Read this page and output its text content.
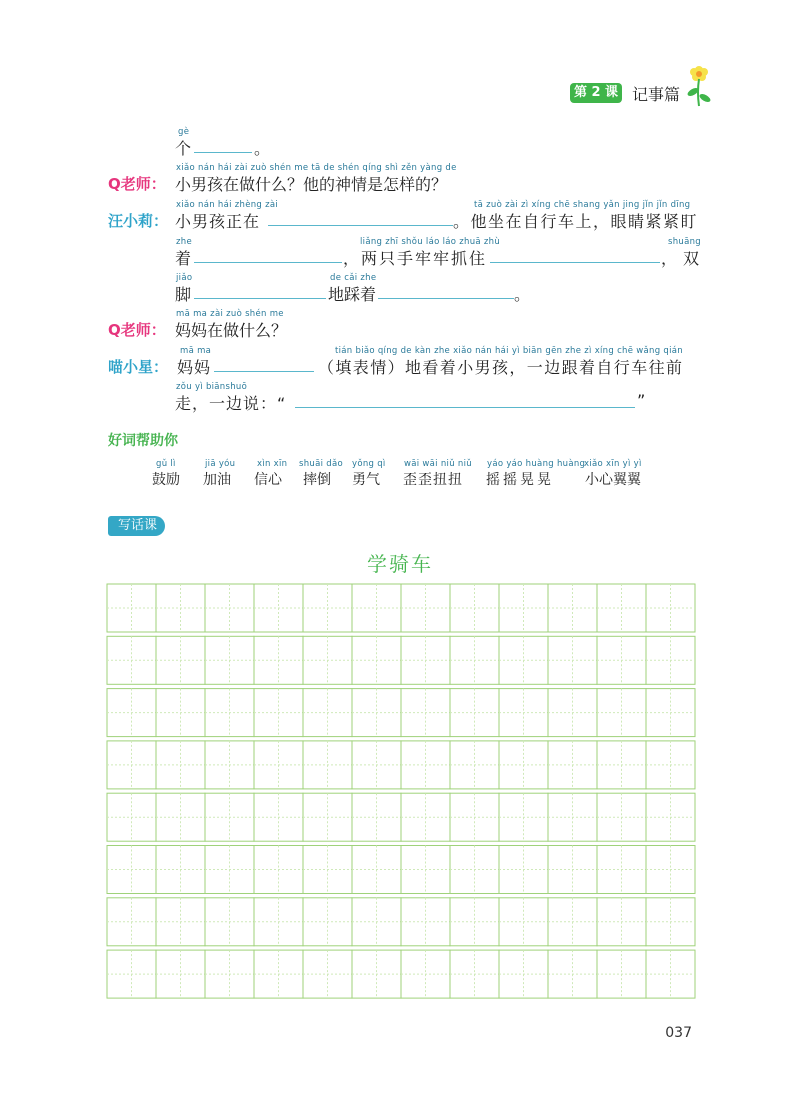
第 2 课 记事篇
gè
个	。
Q老师：
xiǎo nán hái zài zuò shén me tā de shén qíng shì zěn yàng de
小男孩在做什么？他的神情是怎样的？
汪小莉：
xiǎo nán hái zhèng zài
小男孩正在
tā zuò zài zì xíng chē shang yǎn jing jǐn jǐn dīng
。他坐在自行车上，眼睛紧紧盯
zhe
着
liǎng zhī shǒu láo láo zhuā zhù
，两只手牢牢抓住
shuāng
，双
jiǎo
脚
de cǎi zhe
地踩着	。
Q老师：
mā ma zài zuò shén me
妈妈在做什么？
喵小星：
mā ma
妈妈
tián biǎo qíng de kàn zhe xiǎo nán hái yì biān gēn zhe zì xíng chē wǎng qián
（填表情）地看着小男孩，一边跟着自行车往前
zǒu yì biānshuō
走，一边说：“	”
好词帮助你
gǔ lì
鼓励
jiā yóu
加油
xìn xīn
信心
shuāi dǎo
摔倒
yǒng qì
勇气
wāi wāi niǔ niǔ
歪歪扭扭
yáo yáo huàng huàng
摇摇晃晃
xiǎo xīn yì yì
小心翼翼
写话课
学骑车
037
